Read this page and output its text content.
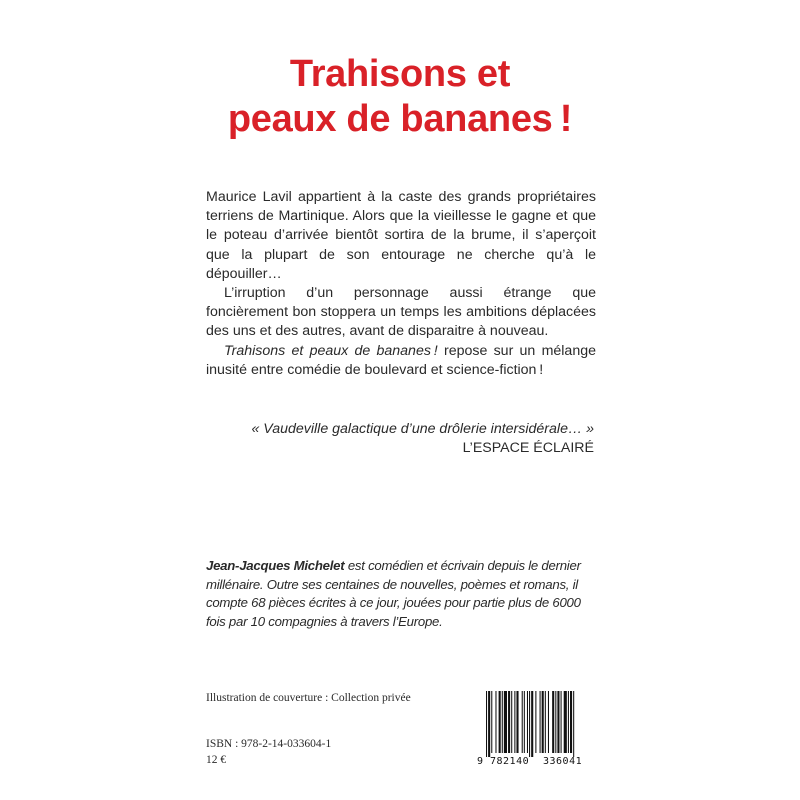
Trahisons et
peaux de bananes !

Maurice Lavil appartient à la caste des grands propriétaires terriens de Martinique. Alors que la vieillesse le gagne et que le poteau d’arrivée bientôt sortira de la brume, il s’aperçoit que la plupart de son entourage ne cherche qu’à le dépouiller…

L’irruption d’un personnage aussi étrange que foncièrement bon stoppera un temps les ambitions déplacées des uns et des autres, avant de disparaitre à nouveau.

Trahisons et peaux de bananes ! repose sur un mélange inusité entre comédie de boulevard et science-fiction !

« Vaudeville galactique d’une drôlerie intersidérale… »
L’ESPACE ÉCLAIRÉ
Jean-Jacques Michelet est comédien et écrivain depuis le dernier millénaire. Outre ses centaines de nouvelles, poèmes et romans, il compte 68 pièces écrites à ce jour, jouées pour partie plus de 6000 fois par 10 compagnies à travers l’Europe.
Illustration de couverture : Collection privée
ISBN : 978-2-14-033604-1
12 €	9 782140 336041
